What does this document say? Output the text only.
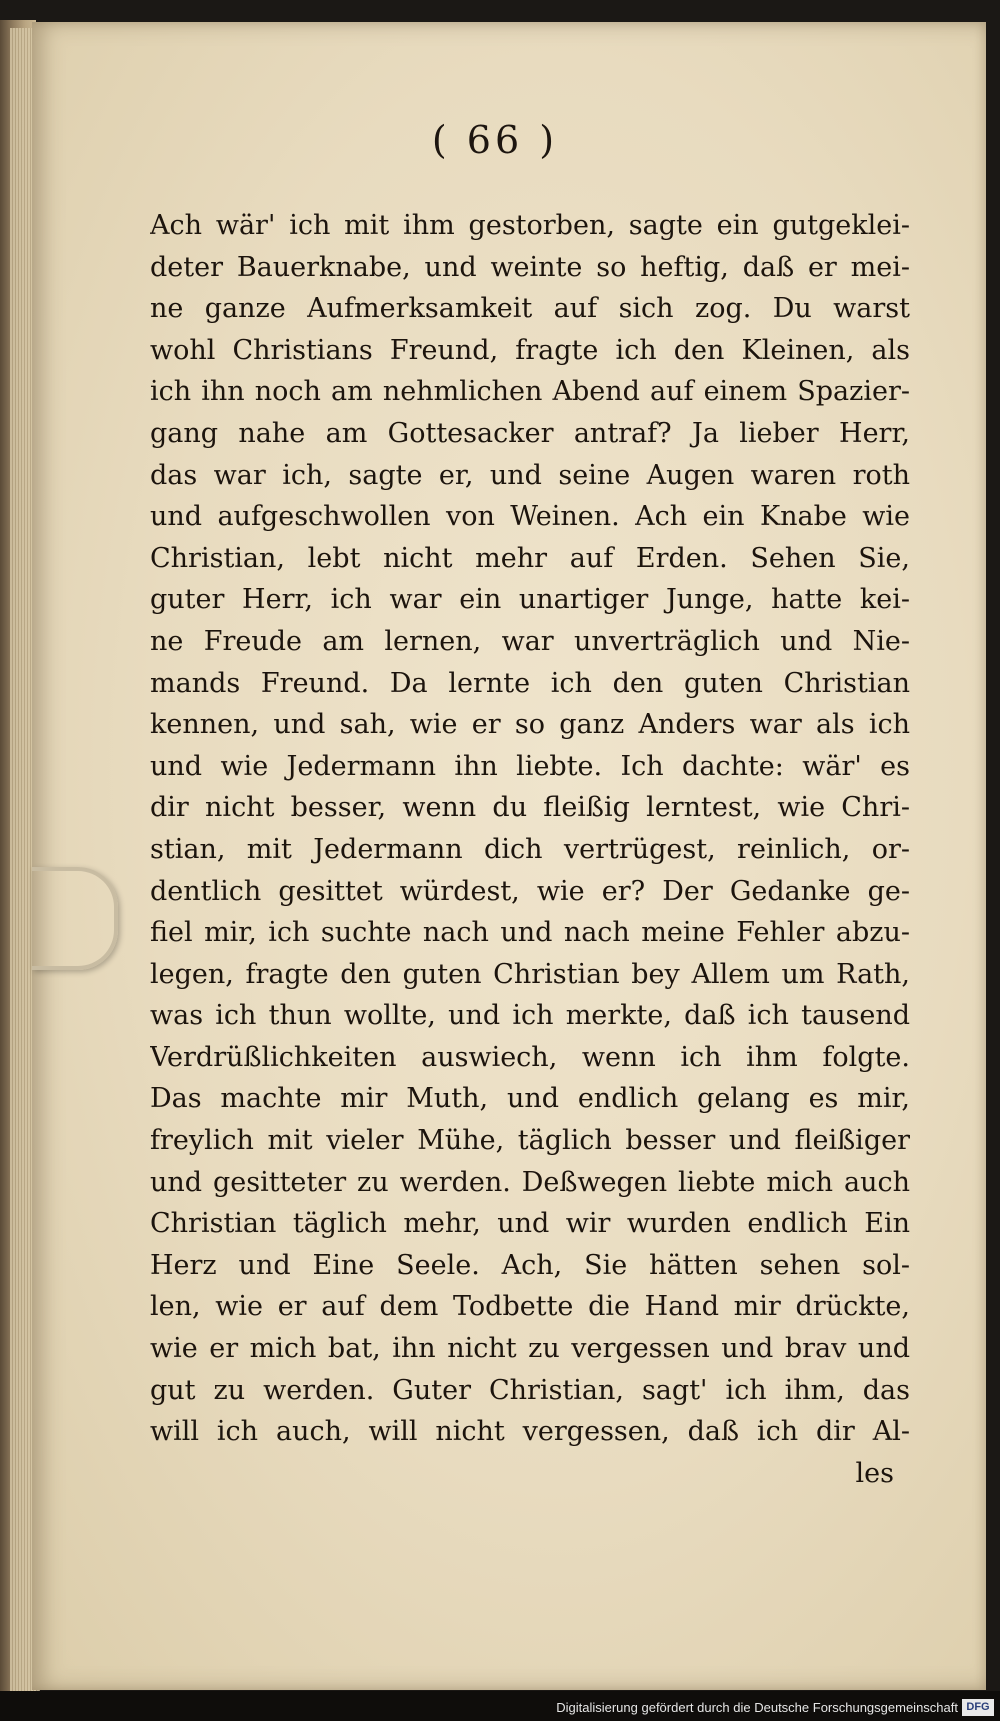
( 66 )
Ach wär' ich mit ihm gestorben, sagte ein gutgeklei-
deter Bauerknabe, und weinte so heftig, daß er mei-
ne ganze Aufmerksamkeit auf sich zog. Du warst
wohl Christians Freund, fragte ich den Kleinen, als
ich ihn noch am nehmlichen Abend auf einem Spazier-
gang nahe am Gottesacker antraf? Ja lieber Herr,
das war ich, sagte er, und seine Augen waren roth
und aufgeschwollen von Weinen. Ach ein Knabe wie
Christian, lebt nicht mehr auf Erden. Sehen Sie,
guter Herr, ich war ein unartiger Junge, hatte kei-
ne Freude am lernen, war unverträglich und Nie-
mands Freund. Da lernte ich den guten Christian
kennen, und sah, wie er so ganz Anders war als ich
und wie Jedermann ihn liebte. Ich dachte: wär' es
dir nicht besser, wenn du fleißig lerntest, wie Chri-
stian, mit Jedermann dich vertrügest, reinlich, or-
dentlich gesittet würdest, wie er? Der Gedanke ge-
fiel mir, ich suchte nach und nach meine Fehler abzu-
legen, fragte den guten Christian bey Allem um Rath,
was ich thun wollte, und ich merkte, daß ich tausend
Verdrüßlichkeiten auswiech, wenn ich ihm folgte.
Das machte mir Muth, und endlich gelang es mir,
freylich mit vieler Mühe, täglich besser und fleißiger
und gesitteter zu werden. Deßwegen liebte mich auch
Christian täglich mehr, und wir wurden endlich Ein
Herz und Eine Seele. Ach, Sie hätten sehen sol-
len, wie er auf dem Todbette die Hand mir drückte,
wie er mich bat, ihn nicht zu vergessen und brav und
gut zu werden. Guter Christian, sagt' ich ihm, das
will ich auch, will nicht vergessen, daß ich dir Al-
les
Digitalisierung gefördert durch die Deutsche Forschungsgemeinschaft DFG
